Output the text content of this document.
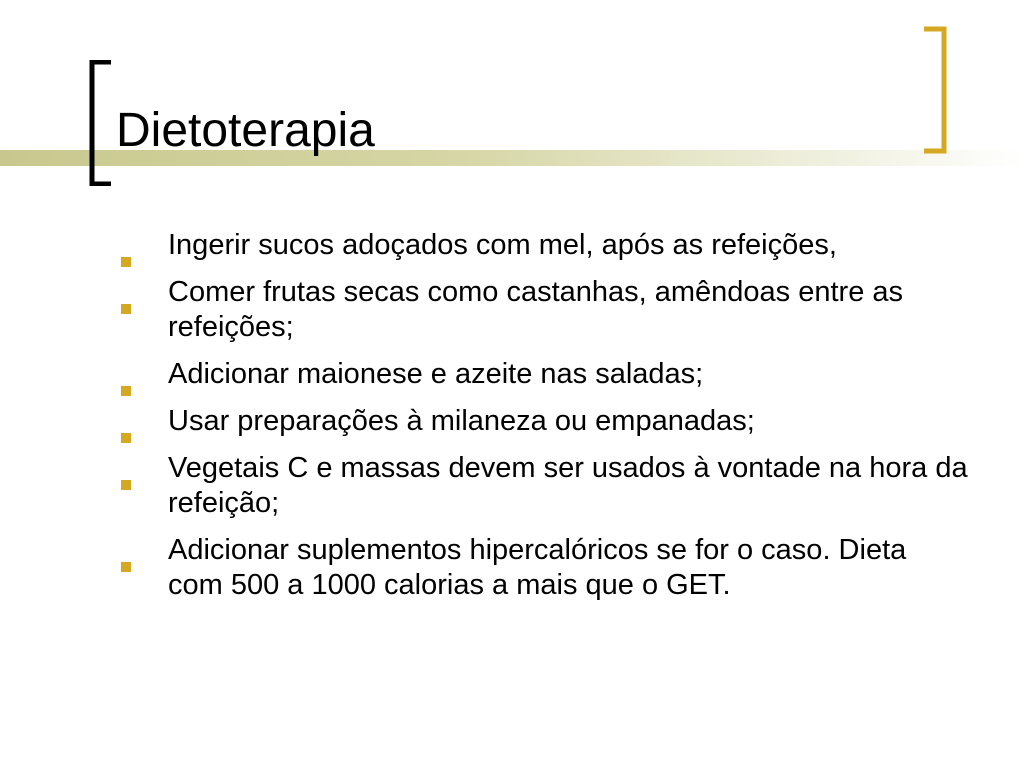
Dietoterapia
Ingerir sucos adoçados com mel, após as refeições,
Comer frutas secas como castanhas, amêndoas entre as refeições;
Adicionar maionese e azeite nas saladas;
Usar preparações à milaneza ou empanadas;
Vegetais C e massas devem ser usados à vontade na hora da refeição;
Adicionar suplementos hipercalóricos se for o caso. Dieta com 500 a 1000 calorias a mais que o GET.
